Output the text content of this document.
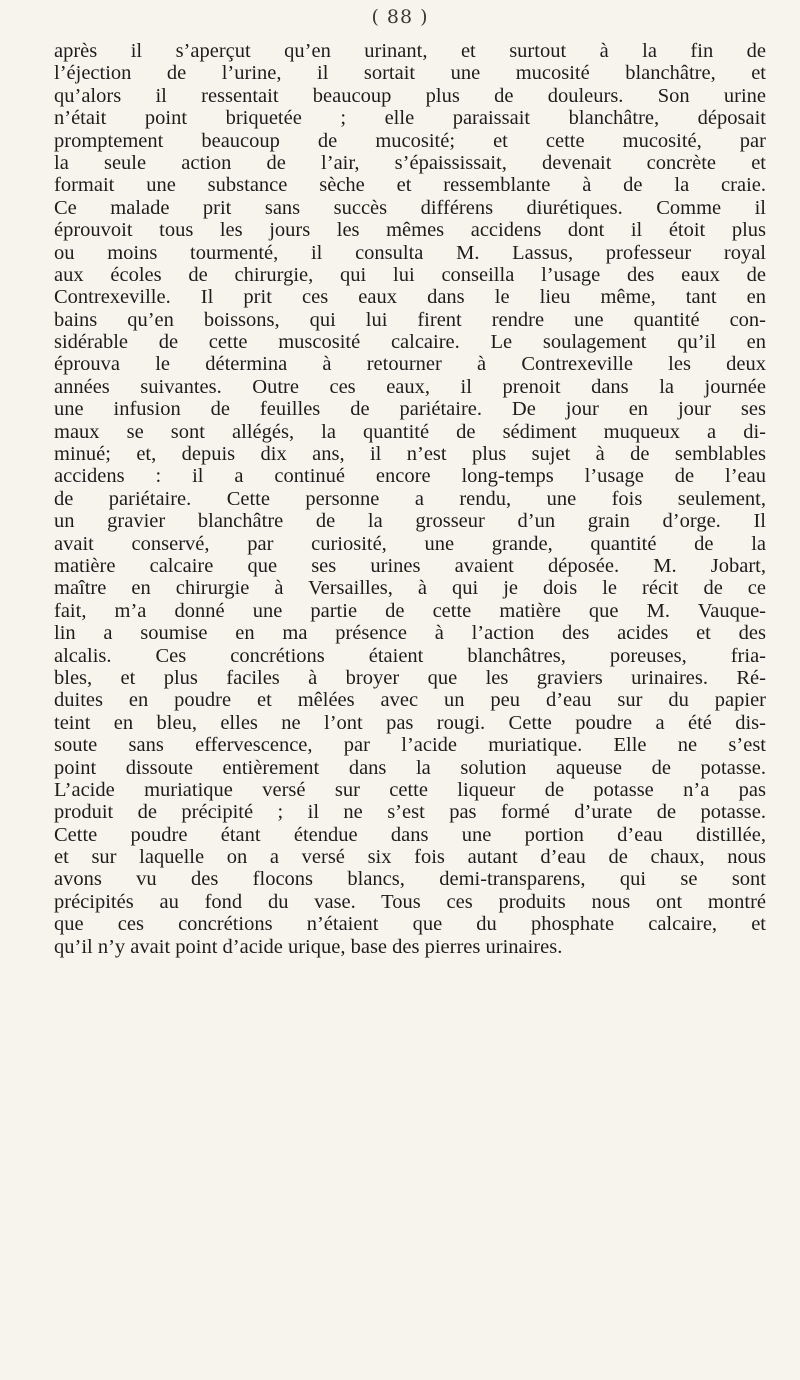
( 88 )
après il s’aperçut qu’en urinant, et surtout à la fin de
l’éjection de l’urine, il sortait une mucosité blanchâtre, et
qu’alors il ressentait beaucoup plus de douleurs. Son urine
n’était point briquetée ; elle paraissait blanchâtre, déposait
promptement beaucoup de mucosité; et cette mucosité, par
la seule action de l’air, s’épaississait, devenait concrète et
formait une substance sèche et ressemblante à de la craie.
Ce malade prit sans succès différens diurétiques. Comme il
éprouvoit tous les jours les mêmes accidens dont il étoit plus
ou moins tourmenté, il consulta M. Lassus, professeur royal
aux écoles de chirurgie, qui lui conseilla l’usage des eaux de
Contrexeville. Il prit ces eaux dans le lieu même, tant en
bains qu’en boissons, qui lui firent rendre une quantité con-
sidérable de cette muscosité calcaire. Le soulagement qu’il en
éprouva le détermina à retourner à Contrexeville les deux
années suivantes. Outre ces eaux, il prenoit dans la journée
une infusion de feuilles de pariétaire. De jour en jour ses
maux se sont allégés, la quantité de sédiment muqueux a di-
minué; et, depuis dix ans, il n’est plus sujet à de semblables
accidens : il a continué encore long-temps l’usage de l’eau
de pariétaire. Cette personne a rendu, une fois seulement,
un gravier blanchâtre de la grosseur d’un grain d’orge. Il
avait conservé, par curiosité, une grande, quantité de la
matière calcaire que ses urines avaient déposée. M. Jobart,
maître en chirurgie à Versailles, à qui je dois le récit de ce
fait, m’a donné une partie de cette matière que M. Vauque-
lin a soumise en ma présence à l’action des acides et des
alcalis. Ces concrétions étaient blanchâtres, poreuses, fria-
bles, et plus faciles à broyer que les graviers urinaires. Ré-
duites en poudre et mêlées avec un peu d’eau sur du papier
teint en bleu, elles ne l’ont pas rougi. Cette poudre a été dis-
soute sans effervescence, par l’acide muriatique. Elle ne s’est
point dissoute entièrement dans la solution aqueuse de potasse.
L’acide muriatique versé sur cette liqueur de potasse n’a pas
produit de précipité ; il ne s’est pas formé d’urate de potasse.
Cette poudre étant étendue dans une portion d’eau distillée,
et sur laquelle on a versé six fois autant d’eau de chaux, nous
avons vu des flocons blancs, demi-transparens, qui se sont
précipités au fond du vase. Tous ces produits nous ont montré
que ces concrétions n’étaient que du phosphate calcaire, et
qu’il n’y avait point d’acide urique, base des pierres urinaires.
